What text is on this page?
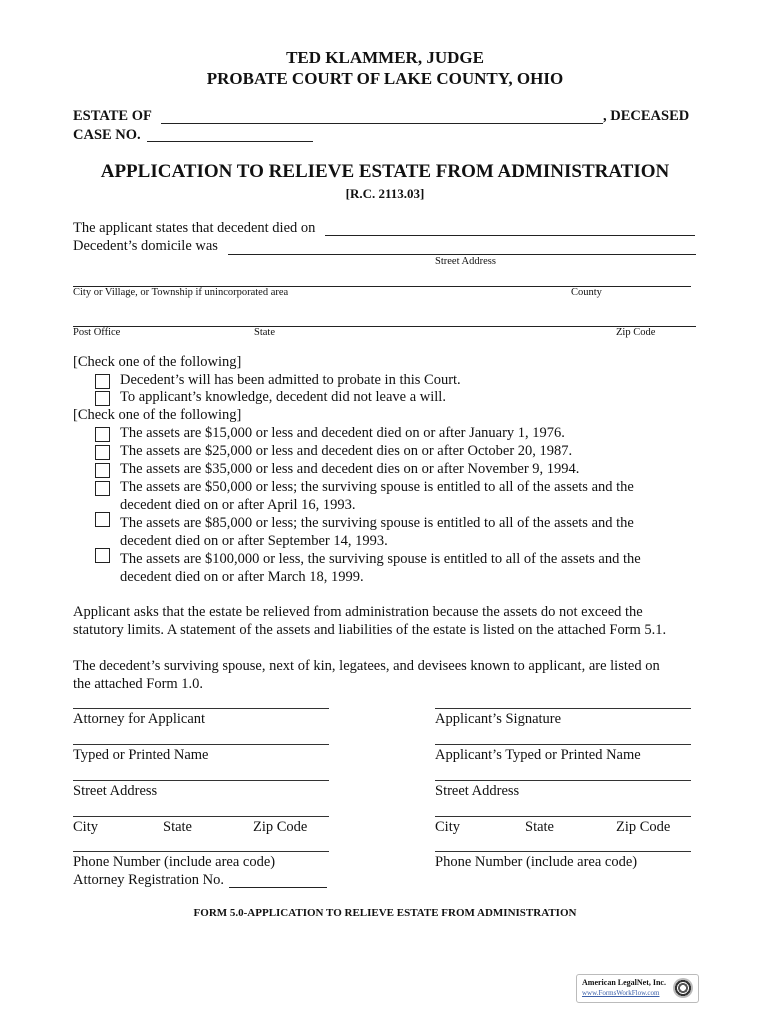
TED KLAMMER, JUDGE
PROBATE COURT OF LAKE COUNTY, OHIO
ESTATE OF	, DECEASED
CASE NO.
APPLICATION TO RELIEVE ESTATE FROM ADMINISTRATION
[R.C. 2113.03]
The applicant states that decedent died on
Decedent’s domicile was
Street Address
City or Village, or Township if unincorporated area	County
Post Office	State	Zip Code
[Check one of the following]
Decedent’s will has been admitted to probate in this Court.
To applicant’s knowledge, decedent did not leave a will.
[Check one of the following]
The assets are $15,000 or less and decedent died on or after January 1, 1976.
The assets are $25,000 or less and decedent dies on or after October 20, 1987.
The assets are $35,000 or less and decedent dies on or after November 9, 1994.
The assets are $50,000 or less; the surviving spouse is entitled to all of the assets and the
decedent died on or after April 16, 1993.
The assets are $85,000 or less; the surviving spouse is entitled to all of the assets and the
decedent died on or after September 14, 1993.
The assets are $100,000 or less, the surviving spouse is entitled to all of the assets and the
decedent died on or after March 18, 1999.
Applicant asks that the estate be relieved from administration because the assets do not exceed the
statutory limits. A statement of the assets and liabilities of the estate is listed on the attached Form 5.1.
The decedent’s surviving spouse, next of kin, legatees, and devisees known to applicant, are listed on
the attached Form 1.0.
Attorney for Applicant
Typed or Printed Name
Street Address
City	State	Zip Code
Phone Number (include area code)
Attorney Registration No.
Applicant’s Signature
Applicant’s Typed or Printed Name
Street Address
City	State	Zip Code
Phone Number (include area code)
FORM 5.0-APPLICATION TO RELIEVE ESTATE FROM ADMINISTRATION
American LegalNet, Inc.
www.FormsWorkFlow.com
